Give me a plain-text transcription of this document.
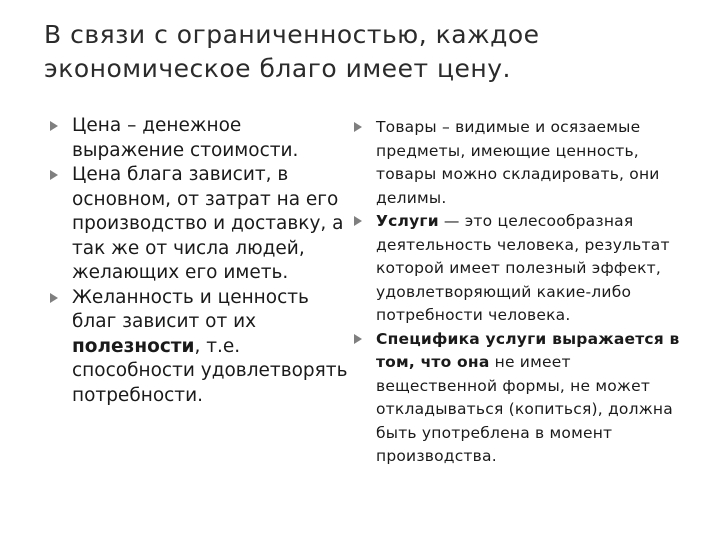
В связи с ограниченностью, каждое экономическое благо имеет цену.
Цена – денежное выражение стоимости.
Цена блага зависит, в основном, от затрат на его производство и доставку, а так же от числа людей, желающих его иметь.
Желанность и ценность благ зависит от их полезности, т.е. способности удовлетворять потребности.
Товары – видимые и осязаемые предметы, имеющие ценность, товары можно складировать, они делимы.
Услуги — это целесообразная деятельность человека, результат которой имеет полезный эффект, удовлетворяющий какие-либо потребности человека.
Специфика услуги выражается в том, что она не имеет вещественной формы, не может откладываться (копиться), должна быть употреблена в момент производства.
